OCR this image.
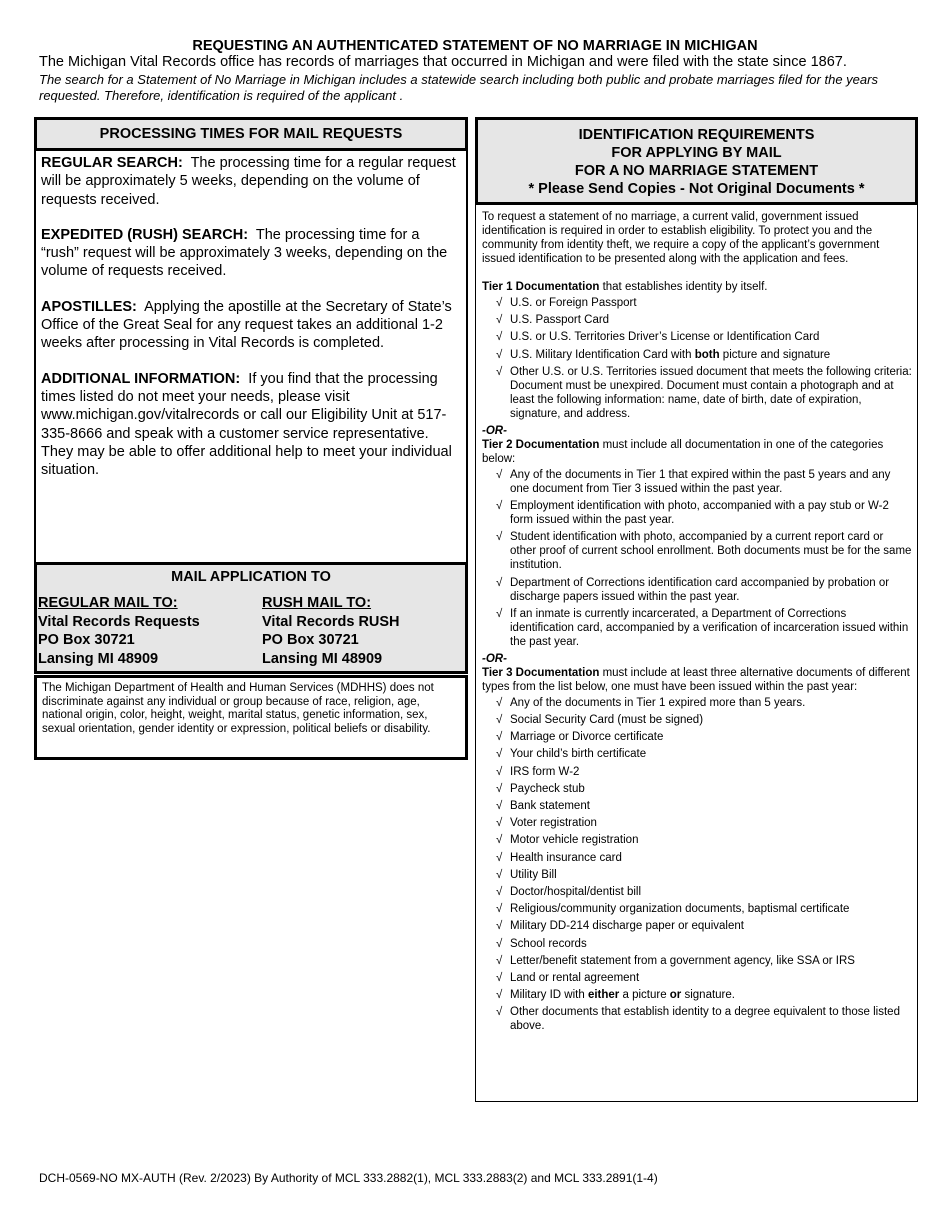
REQUESTING AN AUTHENTICATED STATEMENT OF NO MARRIAGE IN MICHIGAN
The Michigan Vital Records office has records of marriages that occurred in Michigan and were filed with the state since 1867.
The search for a Statement of No Marriage in Michigan includes a statewide search including both public and probate marriages filed for the years requested. Therefore, identification is required of the applicant .
PROCESSING TIMES FOR MAIL REQUESTS

REGULAR SEARCH: The processing time for a regular request will be approximately 5 weeks, depending on the volume of requests received.

EXPEDITED (RUSH) SEARCH: The processing time for a “rush” request will be approximately 3 weeks, depending on the volume of requests received.

APOSTILLES: Applying the apostille at the Secretary of State’s Office of the Great Seal for any request takes an additional 1-2 weeks after processing in Vital Records is completed.

ADDITIONAL INFORMATION: If you find that the processing times listed do not meet your needs, please visit www.michigan.gov/vitalrecords or call our Eligibility Unit at 517-335-8666 and speak with a customer service representative. They may be able to offer additional help to meet your individual situation.

MAIL APPLICATION TO
REGULAR MAIL TO:
Vital Records Requests
PO Box 30721
Lansing MI 48909
RUSH MAIL TO:
Vital Records RUSH
PO Box 30721
Lansing MI 48909
The Michigan Department of Health and Human Services (MDHHS) does not discriminate against any individual or group because of race, religion, age, national origin, color, height, weight, marital status, genetic information, sex, sexual orientation, gender identity or expression, political beliefs or disability.
IDENTIFICATION REQUIREMENTS
FOR APPLYING BY MAIL
FOR A NO MARRIAGE STATEMENT
* Please Send Copies - Not Original Documents *

To request a statement of no marriage, a current valid, government issued identification is required in order to establish eligibility. To protect you and the community from identity theft, we require a copy of the applicant’s government issued identification to be presented along with the application and fees.

Tier 1 Documentation that establishes identity by itself.

√ U.S. or Foreign Passport
√ U.S. Passport Card
√ U.S. or U.S. Territories Driver’s License or Identification Card
√ U.S. Military Identification Card with both picture and signature
√ Other U.S. or U.S. Territories issued document that meets the following criteria: Document must be unexpired. Document must contain a photograph and at least the following information: name, date of birth, date of expiration, signature, and address.
-OR-

Tier 2 Documentation must include all documentation in one of the categories below:

√ Any of the documents in Tier 1 that expired within the past 5 years and any one document from Tier 3 issued within the past year.
√ Employment identification with photo, accompanied with a pay stub or W-2 form issued within the past year.
√ Student identification with photo, accompanied by a current report card or other proof of current school enrollment. Both documents must be for the same institution.
√ Department of Corrections identification card accompanied by probation or discharge papers issued within the past year.
√ If an inmate is currently incarcerated, a Department of Corrections identification card, accompanied by a verification of incarceration issued within the past year.
-OR-

Tier 3 Documentation must include at least three alternative documents of different types from the list below, one must have been issued within the past year:

√ Any of the documents in Tier 1 expired more than 5 years.
√ Social Security Card (must be signed)
√ Marriage or Divorce certificate
√ Your child’s birth certificate
√ IRS form W-2
√ Paycheck stub
√ Bank statement
√ Voter registration
√ Motor vehicle registration
√ Health insurance card
√ Utility Bill
√ Doctor/hospital/dentist bill
√ Religious/community organization documents, baptismal certificate
√ Military DD-214 discharge paper or equivalent
√ School records
√ Letter/benefit statement from a government agency, like SSA or IRS
√ Land or rental agreement
√ Military ID with either a picture or signature.
√ Other documents that establish identity to a degree equivalent to those listed above.
DCH-0569-NO MX-AUTH (Rev. 2/2023) By Authority of MCL 333.2882(1), MCL 333.2883(2) and MCL 333.2891(1-4)
